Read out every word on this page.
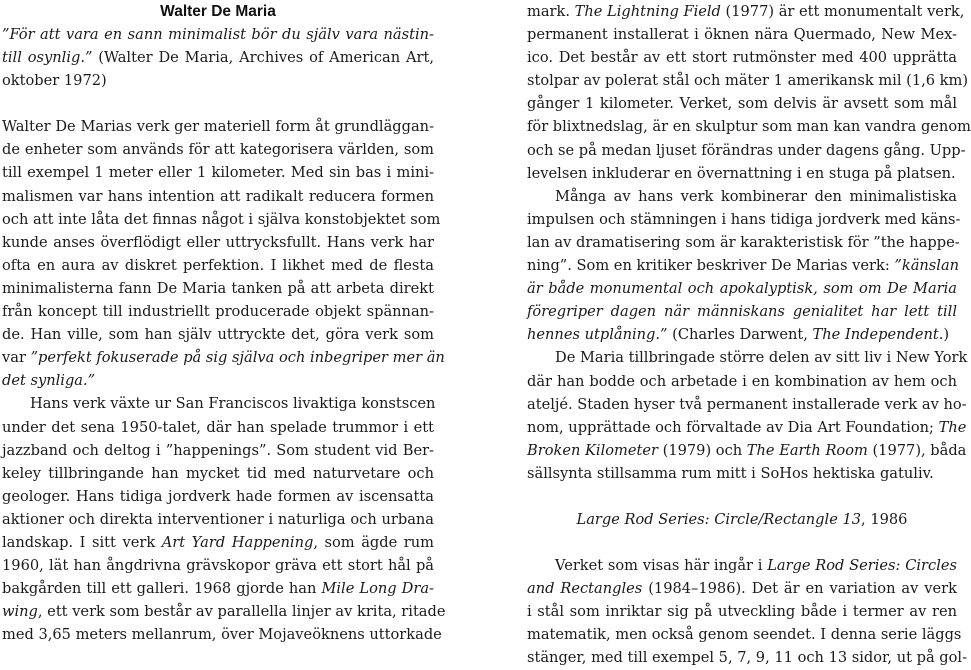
Walter De Maria

”För att vara en sann minimalist bör du själv vara nästin-
till osynlig.” (Walter De Maria, Archives of American Art,
oktober 1972)

Walter De Marias verk ger materiell form åt grundläggan-
de enheter som används för att kategorisera världen, som
till exempel 1 meter eller 1 kilometer. Med sin bas i mini-
malismen var hans intention att radikalt reducera formen
och att inte låta det finnas något i själva konstobjektet som
kunde anses överflödigt eller uttrycksfullt. Hans verk har
ofta en aura av diskret perfektion. I likhet med de flesta
minimalisterna fann De Maria tanken på att arbeta direkt
från koncept till industriellt producerade objekt spännan-
de. Han ville, som han själv uttryckte det, göra verk som
var ”perfekt fokuserade på sig själva och inbegriper mer än
det synliga.”

Hans verk växte ur San Franciscos livaktiga konstscen
under det sena 1950-talet, där han spelade trummor i ett
jazzband och deltog i ”happenings”. Som student vid Ber-
keley tillbringande han mycket tid med naturvetare och
geologer. Hans tidiga jordverk hade formen av iscensatta
aktioner och direkta interventioner i naturliga och urbana
landskap. I sitt verk Art Yard Happening, som ägde rum
1960, lät han ångdrivna grävskopor gräva ett stort hål på
bakgården till ett galleri. 1968 gjorde han Mile Long Dra-
wing, ett verk som består av parallella linjer av krita, ritade
med 3,65 meters mellanrum, över Mojaveöknens uttorkade

mark. The Lightning Field (1977) är ett monumentalt verk,
permanent installerat i öknen nära Quermado, New Mex-
ico. Det består av ett stort rutmönster med 400 upprätta
stolpar av polerat stål och mäter 1 amerikansk mil (1,6 km)
gånger 1 kilometer. Verket, som delvis är avsett som mål
för blixtnedslag, är en skulptur som man kan vandra genom
och se på medan ljuset förändras under dagens gång. Upp-
levelsen inkluderar en övernattning i en stuga på platsen.

Många av hans verk kombinerar den minimalistiska
impulsen och stämningen i hans tidiga jordverk med käns-
lan av dramatisering som är karakteristisk för ”the happe-
ning”. Som en kritiker beskriver De Marias verk: ”känslan
är både monumental och apokalyptisk, som om De Maria
föregriper dagen när människans genialitet har lett till
hennes utplåning.” (Charles Darwent, The Independent.)

De Maria tillbringade större delen av sitt liv i New York
där han bodde och arbetade i en kombination av hem och
ateljé. Staden hyser två permanent installerade verk av ho-
nom, upprättade och förvaltade av Dia Art Foundation; The
Broken Kilometer (1979) och The Earth Room (1977), båda
sällsynta stillsamma rum mitt i SoHos hektiska gatuliv.

Large Rod Series: Circle/Rectangle 13, 1986

Verket som visas här ingår i Large Rod Series: Circles
and Rectangles (1984–1986). Det är en variation av verk
i stål som inriktar sig på utveckling både i termer av ren
matematik, men också genom seendet. I denna serie läggs
stänger, med till exempel 5, 7, 9, 11 och 13 sidor, ut på gol-
